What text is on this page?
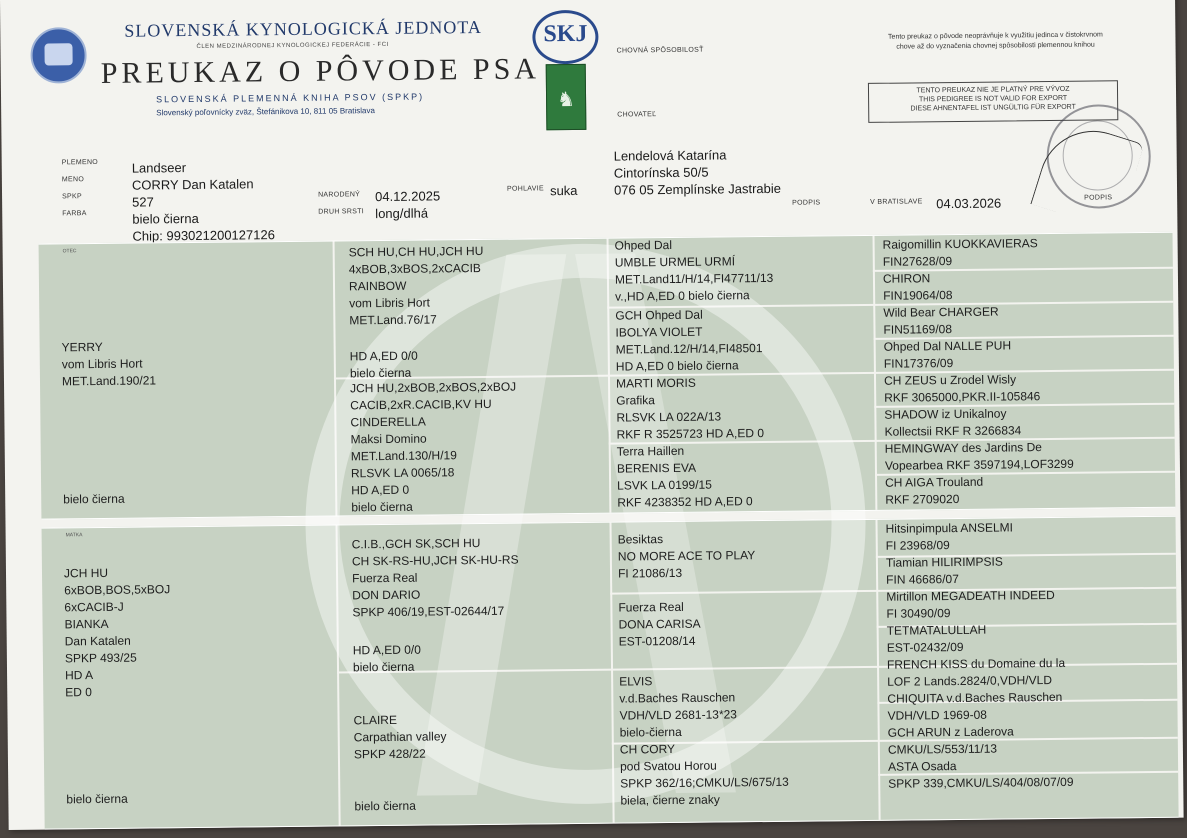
SLOVENSKÁ KYNOLOGICKÁ JEDNOTA
ČLEN MEDZINÁRODNEJ KYNOLOGICKEJ FEDERÁCIE - FCI
PREUKAZ O PÔVODE PSA
SLOVENSKÁ PLEMENNÁ KNIHA PSOV (SPKP)
Slovenský poľovnícky zväz, Štefánikova 10, 811 05 Bratislava
SKJ
♞
CHOVNÁ SPÔSOBILOSŤ
CHOVATEĽ
Tento preukaz o pôvode neoprávňuje k využitiu jedinca v čistokrvnom chove až do vyznačenia chovnej spôsobilosti plemennou knihou
TENTO PREUKAZ NIE JE PLATNÝ PRE VÝVOZ
THIS PEDIGREE IS NOT VALID FOR EXPORT
DIESE AHNENTAFEL IST UNGÜLTIG FÜR EXPORT
PLEMENO
MENO
SPKP
FARBA
Landseer
CORRY Dan Katalen
527
bielo čierna
Chip: 993021200127126
NARODENÝ 04.12.2025
DRUH SRSTI long/dlhá
POHLAVIE suka
Lendelová Katarína
Cintorínska 50/5
076 05 Zemplínske Jastrabie
PODPIS	V BRATISLAVE 04.03.2026	PODPIS
OTEC
MATKA
YERRY
vom Libris Hort
MET.Land.190/21
bielo čierna
SCH HU,CH HU,JCH HU
4xBOB,3xBOS,2xCACIB
RAINBOW
vom Libris Hort
MET.Land.76/17
HD A,ED 0/0
bielo čierna
JCH HU,2xBOB,2xBOS,2xBOJ
CACIB,2xR.CACIB,KV HU
CINDERELLA
Maksi Domino
MET.Land.130/H/19
RLSVK LA 0065/18
HD A,ED 0
bielo čierna
Ohped Dal
UMBLE URMEL URMÍ
MET.Land11/H/14,FI47711/13
v.,HD A,ED 0 bielo čierna
GCH Ohped Dal
IBOLYA VIOLET
MET.Land.12/H/14,FI48501
HD A,ED 0 bielo čierna
MARTI MORIS
Grafika
RLSVK LA 022A/13
RKF R 3525723 HD A,ED 0
Terra Haillen
BERENIS EVA
LSVK LA 0199/15
RKF 4238352 HD A,ED 0
Raigomillin KUOKKAVIERAS
FIN27628/09
CHIRON
FIN19064/08
Wild Bear CHARGER
FIN51169/08
Ohped Dal NALLE PUH
FIN17376/09
CH ZEUS u Zrodel Wisly
RKF 3065000,PKR.II-105846
SHADOW iz Unikalnoy
Kollectsii RKF R 3266834
HEMINGWAY des Jardins De
Vopearbea RKF 3597194,LOF3299
CH AIGA Trouland
RKF 2709020
JCH HU
6xBOB,BOS,5xBOJ
6xCACIB-J
BIANKA
Dan Katalen
SPKP 493/25
HD A
ED 0
bielo čierna
C.I.B.,GCH SK,SCH HU
CH SK-RS-HU,JCH SK-HU-RS
Fuerza Real
DON DARIO
SPKP 406/19,EST-02644/17
HD A,ED 0/0
bielo čierna
CLAIRE
Carpathian valley
SPKP 428/22
bielo čierna
Besiktas
NO MORE ACE TO PLAY
FI 21086/13
Fuerza Real
DONA CARISA
EST-01208/14
ELVIS
v.d.Baches Rauschen
VDH/VLD 2681-13*23
bielo-čierna
CH CORY
pod Svatou Horou
SPKP 362/16;CMKU/LS/675/13
biela, čierne znaky
Hitsinpimpula ANSELMI
FI 23968/09
Tiamian HILIRIMPSIS
FIN 46686/07
Mirtillon MEGADEATH INDEED
FI 30490/09
TETMATALULLAH
EST-02432/09
FRENCH KISS du Domaine du la
LOF 2 Lands.2824/0,VDH/VLD
CHIQUITA v.d.Baches Rauschen
VDH/VLD 1969-08
GCH ARUN z Laderova
CMKU/LS/553/11/13
ASTA Osada
SPKP 339,CMKU/LS/404/08/07/09
